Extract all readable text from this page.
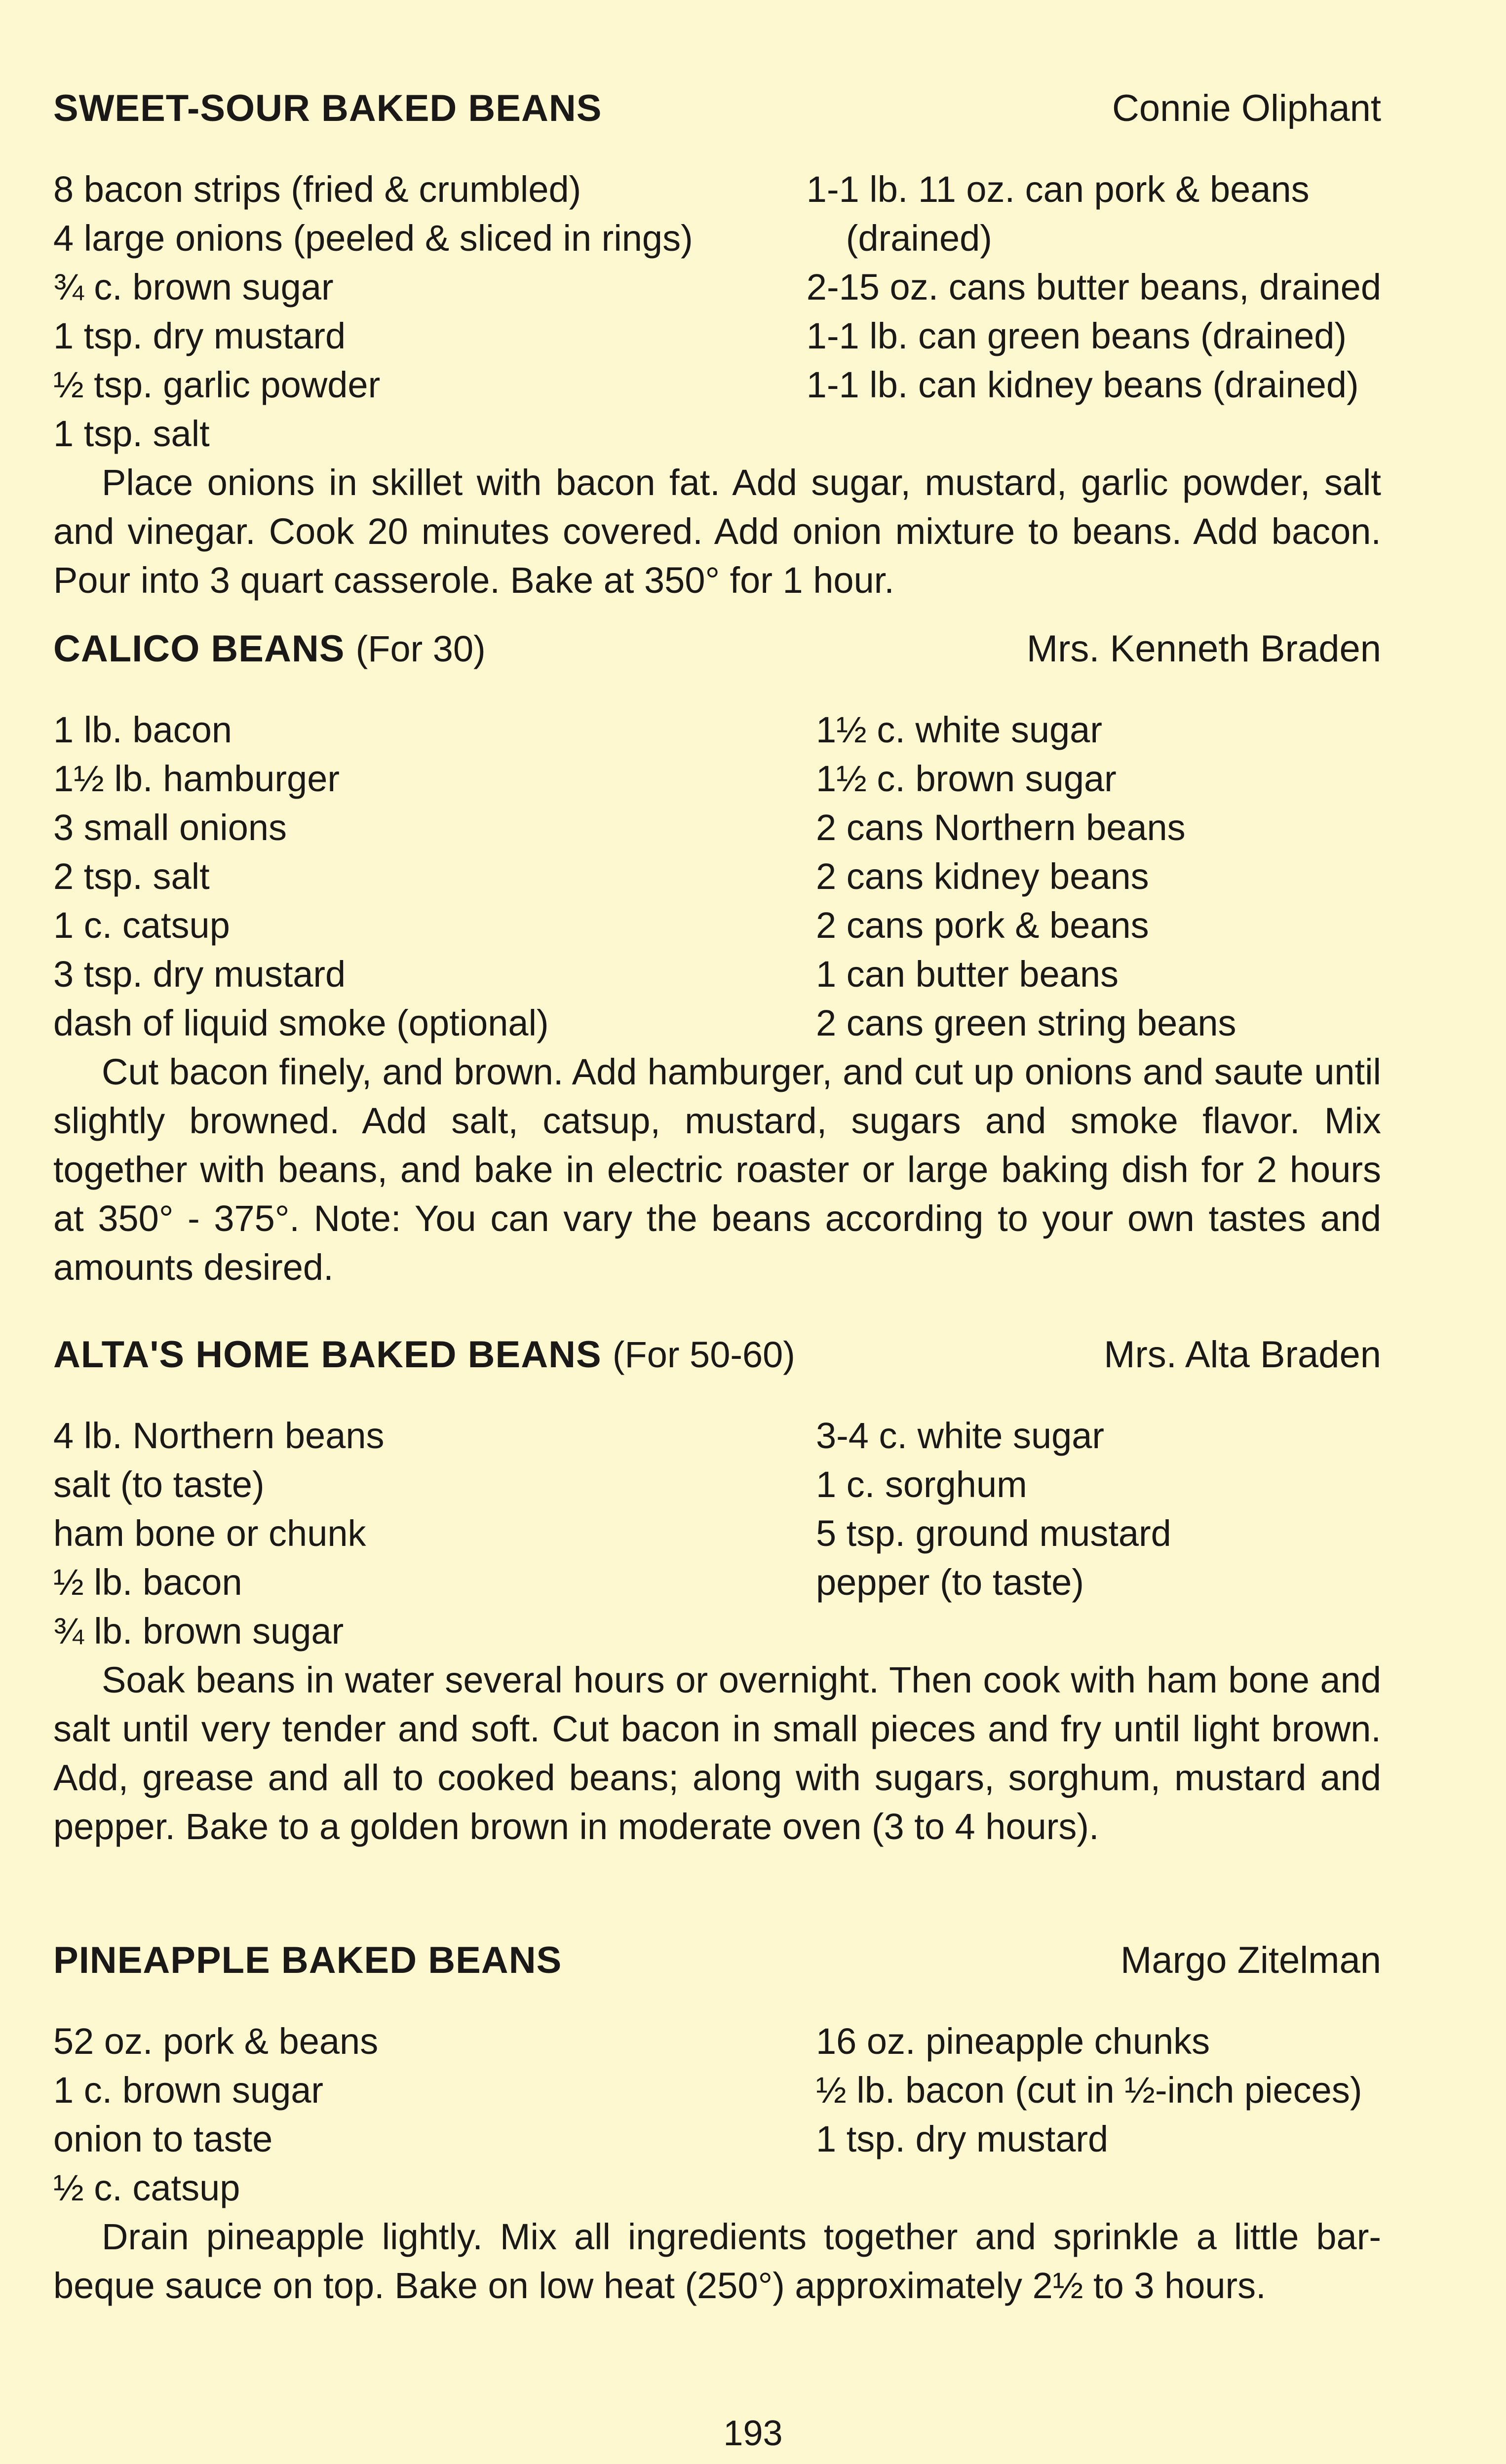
SWEET-SOUR BAKED BEANS	Connie Oliphant
8 bacon strips (fried & crumbled)
4 large onions (peeled & sliced in rings)
¾ c. brown sugar
1 tsp. dry mustard
½ tsp. garlic powder
1 tsp. salt
1-1 lb. 11 oz. can pork & beans
(drained)
2-15 oz. cans butter beans, drained
1-1 lb. can green beans (drained)
1-1 lb. can kidney beans (drained)

Place onions in skillet with bacon fat. Add sugar, mustard, garlic powder, salt and vinegar. Cook 20 minutes covered. Add onion mixture to beans. Add bacon. Pour into 3 quart casserole. Bake at 350° for 1 hour.

CALICO BEANS (For 30)	Mrs. Kenneth Braden
1 lb. bacon
1½ lb. hamburger
3 small onions
2 tsp. salt
1 c. catsup
3 tsp. dry mustard
dash of liquid smoke (optional)
1½ c. white sugar
1½ c. brown sugar
2 cans Northern beans
2 cans kidney beans
2 cans pork & beans
1 can butter beans
2 cans green string beans

Cut bacon finely, and brown. Add hamburger, and cut up onions and saute until slightly browned. Add salt, catsup, mustard, sugars and smoke flavor. Mix together with beans, and bake in electric roaster or large baking dish for 2 hours at 350° - 375°. Note: You can vary the beans according to your own tastes and amounts desired.

ALTA'S HOME BAKED BEANS (For 50-60)	Mrs. Alta Braden
4 lb. Northern beans
salt (to taste)
ham bone or chunk
½ lb. bacon
¾ lb. brown sugar
3-4 c. white sugar
1 c. sorghum
5 tsp. ground mustard
pepper (to taste)

Soak beans in water several hours or overnight. Then cook with ham bone and salt until very tender and soft. Cut bacon in small pieces and fry until light brown. Add, grease and all to cooked beans; along with sugars, sorghum, mustard and pepper. Bake to a golden brown in moderate oven (3 to 4 hours).

PINEAPPLE BAKED BEANS	Margo Zitelman
52 oz. pork & beans
1 c. brown sugar
onion to taste
½ c. catsup
16 oz. pineapple chunks
½ lb. bacon (cut in ½-inch pieces)
1 tsp. dry mustard

Drain pineapple lightly. Mix all ingredients together and sprinkle a little bar-beque sauce on top. Bake on low heat (250°) approximately 2½ to 3 hours.

193
